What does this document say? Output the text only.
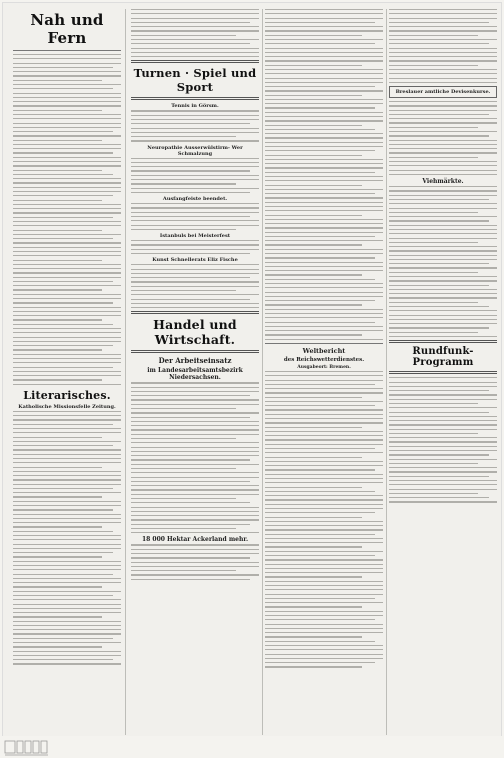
Nah und Fern
Literarisches.
Katholische Missionsfelle Zeitung.
Turnen · Spiel und Sport
Tennis in Görsm.
Neuropathie Ausserwülstirm- Wer Schmalzung
Ausfangfeiste beendet.
Istanbuls bei Meisterfest
Kunst Schnellerats Eliz Fische
Handel und Wirtschaft.
Der Arbeitseinsatz
im Landesarbeitsamtsbezirk Niedersachsen.
18 000 Hektar Ackerland mehr.
Weltbericht
des Reichswetterdienstes.
Ausgabeort: Bremen.
Breslauer amtliche Devisenkurse.
Viehmärkte.
Rundfunk-Programm
